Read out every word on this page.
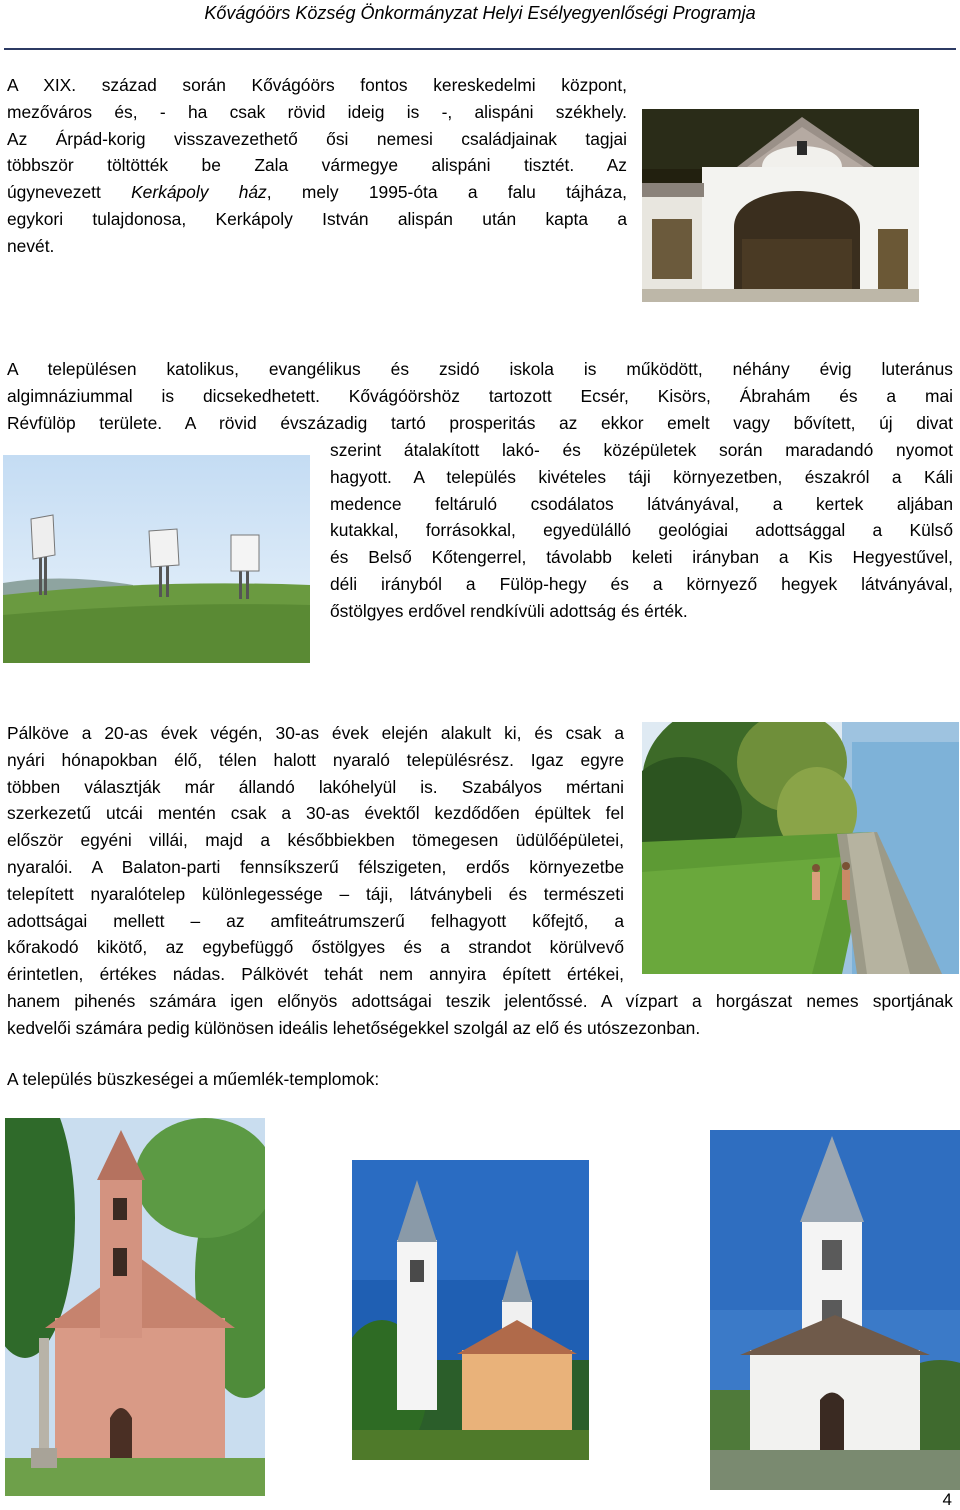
Kővágóörs Község Önkormányzat Helyi Esélyegyenlőségi Programja
A XIX. század során Kővágóörs fontos kereskedelmi központ,
mezőváros és, - ha csak rövid ideig is -, alispáni székhely.
Az Árpád-korig visszavezethető ősi nemesi családjainak tagjai
többször töltötték be Zala vármegye alispáni tisztét. Az
úgynevezett Kerkápoly ház, mely 1995-óta a falu tájháza,
egykori tulajdonosa, Kerkápoly István alispán után kapta a
nevét.
A településen katolikus, evangélikus és zsidó iskola is működött, néhány évig luteránus
algimnáziummal is dicsekedhetett. Kővágóörshöz tartozott Ecsér, Kisörs, Ábrahám és a mai
Révfülöp területe. A rövid évszázadig tartó prosperitás az ekkor emelt vagy bővített, új divat
szerint átalakított lakó- és középületek során maradandó nyomot
hagyott. A település kivételes táji környezetben, északról a Káli
medence feltáruló csodálatos látványával, a kertek aljában
kutakkal, forrásokkal, egyedülálló geológiai adottsággal a Külső
és Belső Kőtengerrel, távolabb keleti irányban a Kis Hegyestűvel,
déli irányból a Fülöp-hegy és a környező hegyek látványával,
őstölgyes erdővel rendkívüli adottság és érték.
Pálköve a 20-as évek végén, 30-as évek elején alakult ki, és csak a
nyári hónapokban élő, télen halott nyaraló településrész. Igaz egyre
többen választják már állandó lakóhelyül is. Szabályos mértani
szerkezetű utcái mentén csak a 30-as évektől kezdődően épültek fel
először egyéni villái, majd a későbbiekben tömegesen üdülőépületei,
nyaralói. A Balaton-parti fennsíkszerű félszigeten, erdős környezetbe
telepített nyaralótelep különlegessége – táji, látványbeli és természeti
adottságai mellett – az amfiteátrumszerű felhagyott kőfejtő, a
kőrakodó kikötő, az egybefüggő őstölgyes és a strandot körülvevő
érintetlen, értékes nádas. Pálkövét tehát nem annyira épített értékei,
hanem pihenés számára igen előnyös adottságai teszik jelentőssé. A vízpart a horgászat nemes sportjának
kedvelői számára pedig különösen ideális lehetőségekkel szolgál az elő és utószezonban.
A település büszkeségei a műemlék-templomok:
4
